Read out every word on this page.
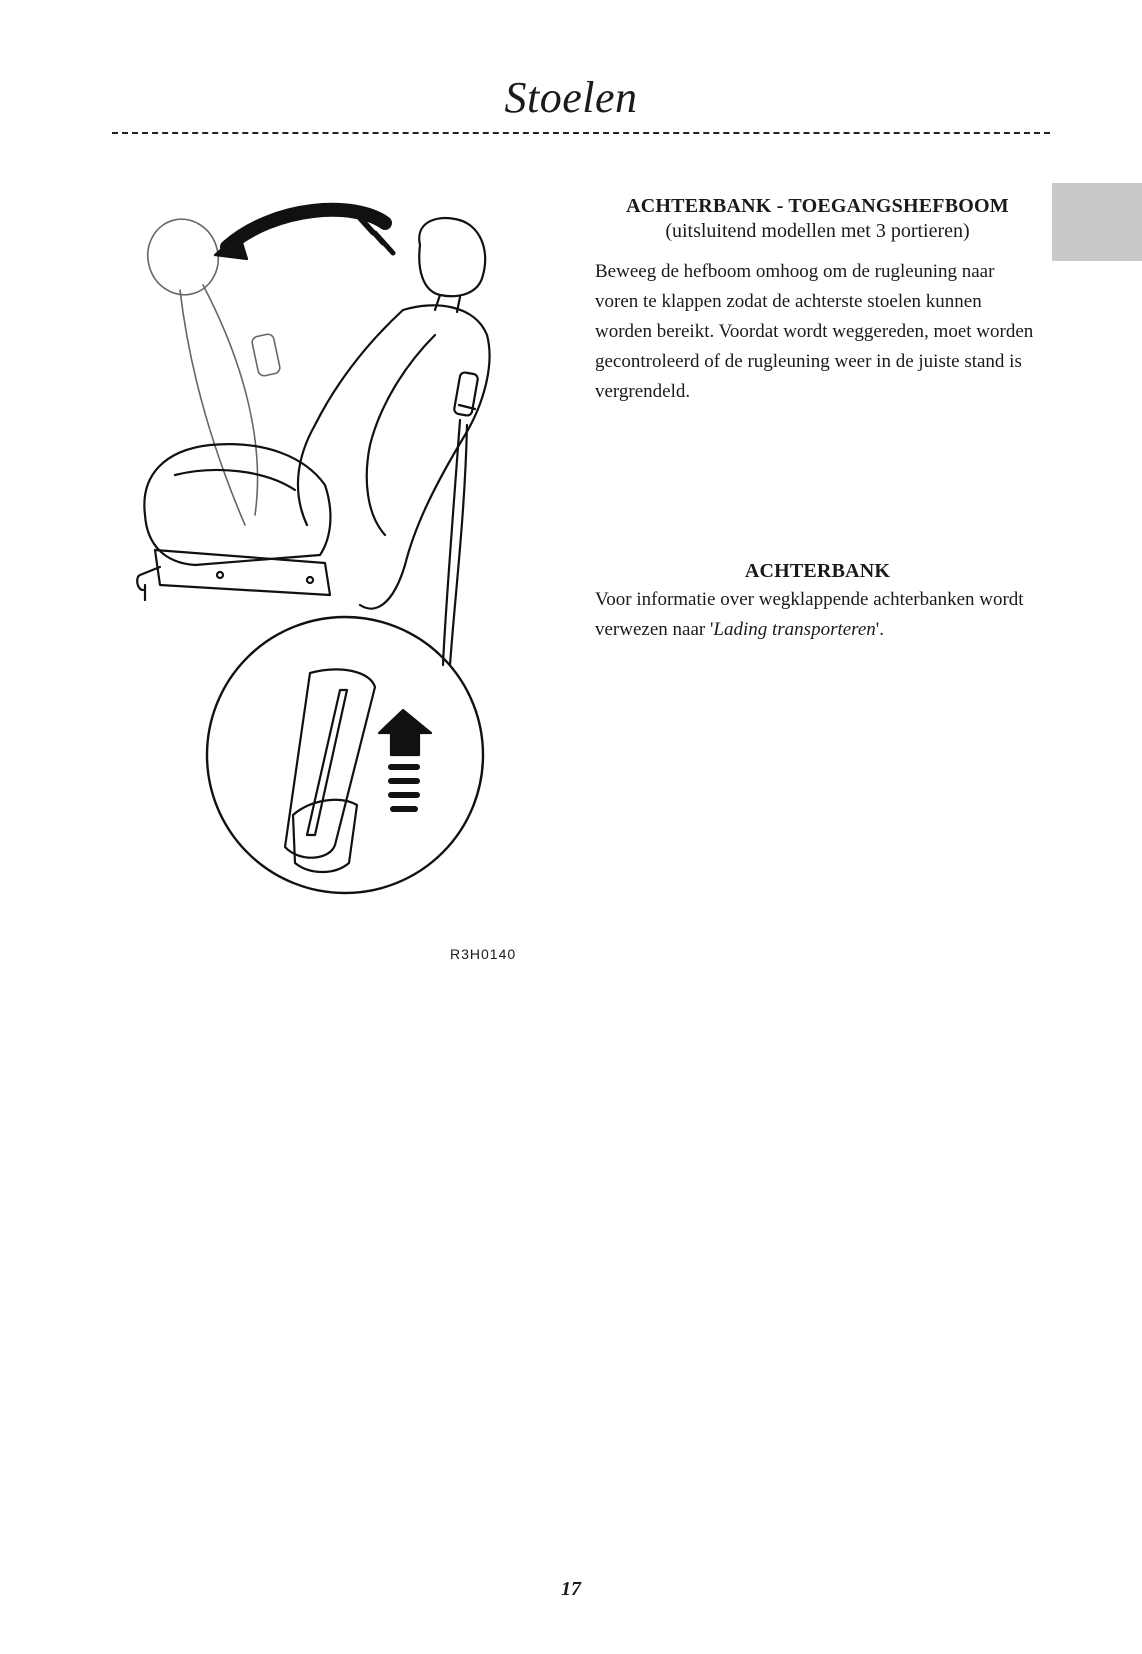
Stoelen
R3H0140
ACHTERBANK - TOEGANGSHEFBOOM

(uitsluitend modellen met 3 portieren)

Beweeg de hefboom omhoog om de rugleuning naar voren te klappen zodat de achterste stoelen kunnen worden bereikt. Voordat wordt weggereden, moet worden gecontroleerd of de rugleuning weer in de juiste stand is vergrendeld.

ACHTERBANK

Voor informatie over wegklappende achterbanken wordt verwezen naar 'Lading transporteren'.

17
